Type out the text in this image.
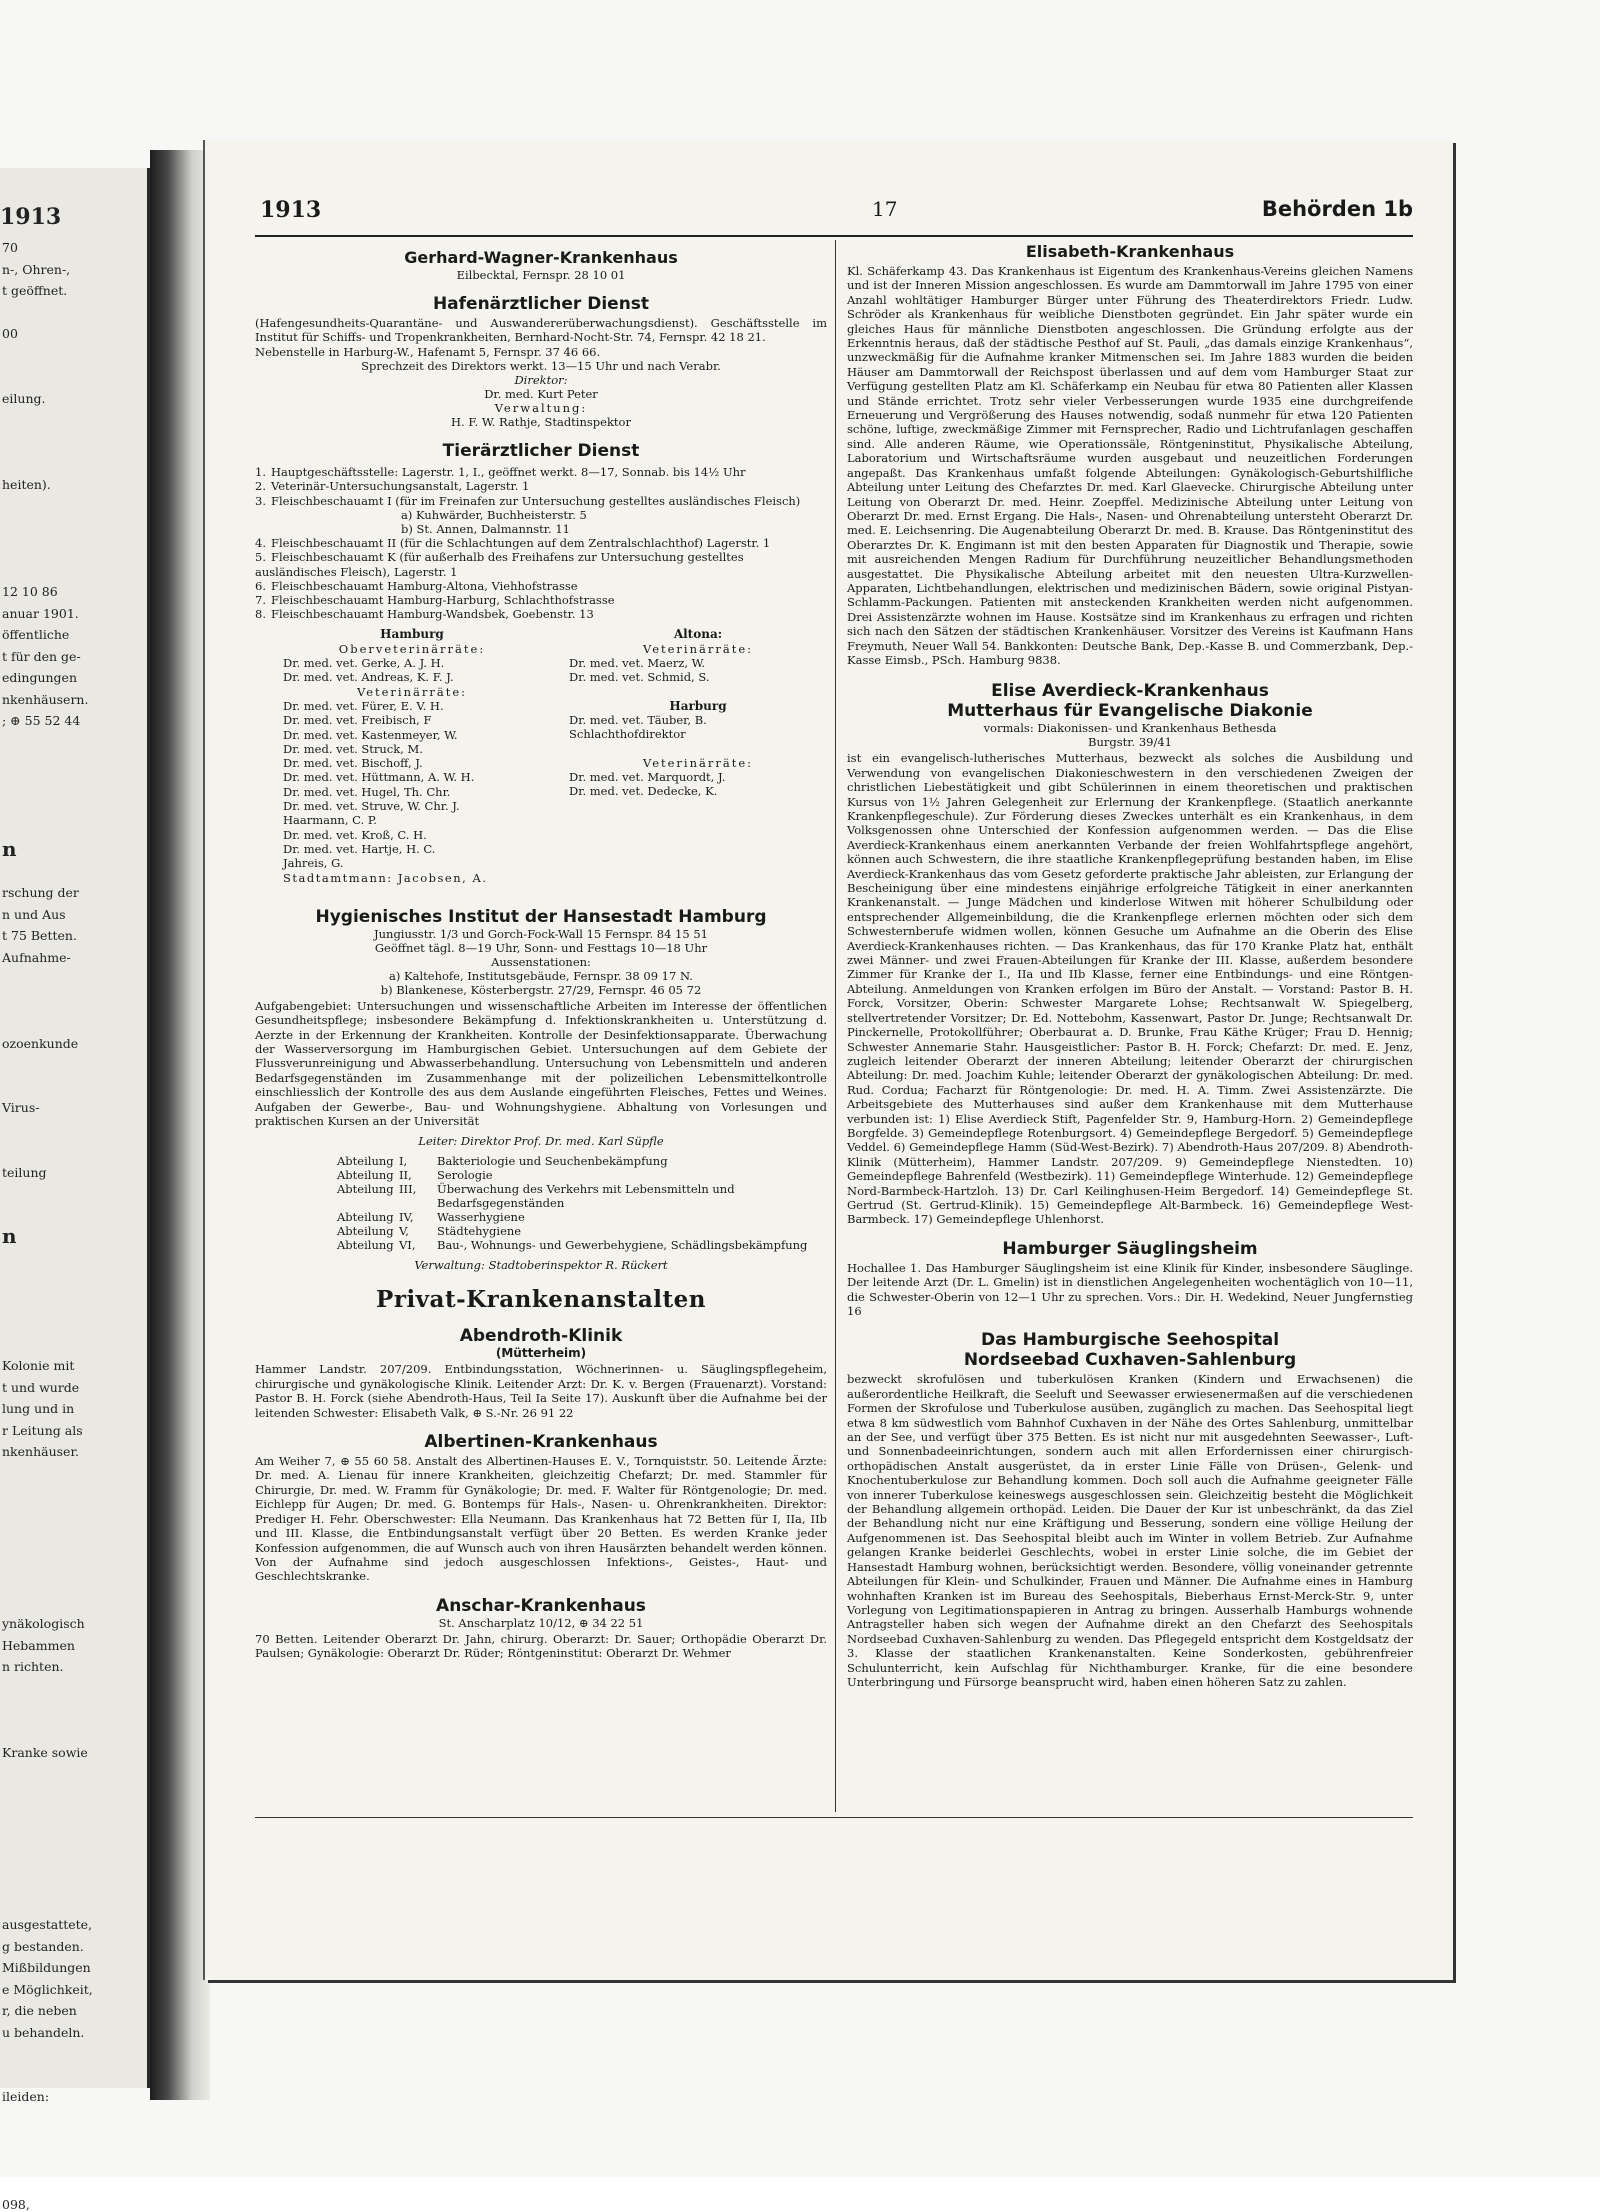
1913
70
n-, Ohren-,
t geöffnet.
00
eilung.
heiten).
12 10 86
anuar 1901.
öffentliche
t für den ge-
edingungen
nkenhäusern.
; ⊕ 55 52 44
n
rschung der
n und Aus
t 75 Betten.
Aufnahme-
ozoenkunde
Virus-
teilung
n
Kolonie mit
t und wurde
lung und in
r Leitung als
nkenhäuser.
ynäkologisch
Hebammen
n richten.
Kranke sowie
ausgestattete,
g bestanden.
Mißbildungen
e Möglichkeit,
r, die neben
u behandeln.
ileiden:
098,
1913	17	Behörden 1b
Gerhard-Wagner-Krankenhaus
Eilbecktal, Fernspr. 28 10 01
Hafenärztlicher Dienst

(Hafengesundheits-Quarantäne- und Auswandererüberwachungsdienst). Geschäftsstelle im Institut für Schiffs- und Tropenkrankheiten, Bernhard-Nocht-Str. 74, Fernspr. 42 18 21.

Nebenstelle in Harburg-W., Hafenamt 5, Fernspr. 37 46 66.

Sprechzeit des Direktors werkt. 13—15 Uhr und nach Verabr.
Direktor:
Dr. med. Kurt Peter
Verwaltung:
H. F. W. Rathje, Stadtinspektor
Tierärztlicher Dienst
1. Hauptgeschäftsstelle: Lagerstr. 1, I., geöffnet werkt. 8—17, Sonnab. bis 14½ Uhr
2. Veterinär-Untersuchungsanstalt, Lagerstr. 1
3. Fleischbeschauamt I (für im Freinafen zur Untersuchung gestelltes ausländisches Fleisch)
a) Kuhwärder, Buchheisterstr. 5
b) St. Annen, Dalmannstr. 11
4. Fleischbeschauamt II (für die Schlachtungen auf dem Zentralschlachthof) Lagerstr. 1
5. Fleischbeschauamt K (für außerhalb des Freihafens zur Untersuchung gestelltes ausländisches Fleisch), Lagerstr. 1
6. Fleischbeschauamt Hamburg-Altona, Viehhofstrasse
7. Fleischbeschauamt Hamburg-Harburg, Schlachthofstrasse
8. Fleischbeschauamt Hamburg-Wandsbek, Goebenstr. 13
Hamburg
Oberveterinärräte:
Dr. med. vet. Gerke, A. J. H.
Dr. med. vet. Andreas, K. F. J.
Veterinärräte:
Dr. med. vet. Fürer, E. V. H.
Dr. med. vet. Freibisch, F
Dr. med. vet. Kastenmeyer, W.
Dr. med. vet. Struck, M.
Dr. med. vet. Bischoff, J.
Dr. med. vet. Hüttmann, A. W. H.
Dr. med. vet. Hugel, Th. Chr.
Dr. med. vet. Struve, W. Chr. J.
Haarmann, C. P.
Dr. med. vet. Kroß, C. H.
Dr. med. vet. Hartje, H. C.
Jahreis, G.
Stadtamtmann: Jacobsen, A.
Altona:
Veterinärräte:
Dr. med. vet. Maerz, W.
Dr. med. vet. Schmid, S.
Harburg
Dr. med. vet. Täuber, B.
Schlachthofdirektor
Veterinärräte:
Dr. med. vet. Marquordt, J.
Dr. med. vet. Dedecke, K.
Hygienisches Institut der Hansestadt Hamburg
Jungiusstr. 1/3 und Gorch-Fock-Wall 15 Fernspr. 84 15 51
Geöffnet tägl. 8—19 Uhr, Sonn- und Festtags 10—18 Uhr
Aussenstationen:
a) Kaltehofe, Institutsgebäude, Fernspr. 38 09 17 N.
b) Blankenese, Kösterbergstr. 27/29, Fernspr. 46 05 72

Aufgabengebiet: Untersuchungen und wissenschaftliche Arbeiten im Interesse der öffentlichen Gesundheitspflege; insbesondere Bekämpfung d. Infektionskrankheiten u. Unterstützung d. Aerzte in der Erkennung der Krankheiten. Kontrolle der Desinfektionsapparate. Überwachung der Wasserversorgung im Hamburgischen Gebiet. Untersuchungen auf dem Gebiete der Flussverunreinigung und Abwasserbehandlung. Untersuchung von Lebensmitteln und anderen Bedarfsgegenständen im Zusammenhange mit der polizeilichen Lebensmittelkontrolle einschliesslich der Kontrolle des aus dem Auslande eingeführten Fleisches, Fettes und Weines. Aufgaben der Gewerbe-, Bau- und Wohnungshygiene. Abhaltung von Vorlesungen und praktischen Kursen an der Universität

Leiter: Direktor Prof. Dr. med. Karl Süpfle
Abteilung I,	Bakteriologie und Seuchenbekämpfung
Abteilung II,	Serologie
Abteilung III,	Überwachung des Verkehrs mit Lebensmitteln und Bedarfsgegenständen
Abteilung IV,	Wasserhygiene
Abteilung V,	Städtehygiene
Abteilung VI,	Bau-, Wohnungs- und Gewerbehygiene, Schädlingsbekämpfung
Verwaltung: Stadtoberinspektor R. Rückert
Privat-Krankenanstalten
Abendroth-Klinik
(Mütterheim)

Hammer Landstr. 207/209. Entbindungsstation, Wöchnerinnen- u. Säuglingspflegeheim, chirurgische und gynäkologische Klinik. Leitender Arzt: Dr. K. v. Bergen (Frauenarzt). Vorstand: Pastor B. H. Forck (siehe Abendroth-Haus, Teil Ia Seite 17). Auskunft über die Aufnahme bei der leitenden Schwester: Elisabeth Valk, ⊕ S.-Nr. 26 91 22

Albertinen-Krankenhaus

Am Weiher 7, ⊕ 55 60 58. Anstalt des Albertinen-Hauses E. V., Tornquiststr. 50. Leitende Ärzte: Dr. med. A. Lienau für innere Krankheiten, gleichzeitig Chefarzt; Dr. med. Stammler für Chirurgie, Dr. med. W. Framm für Gynäkologie; Dr. med. F. Walter für Röntgenologie; Dr. med. Eichlepp für Augen; Dr. med. G. Bontemps für Hals-, Nasen- u. Ohrenkrankheiten. Direktor: Prediger H. Fehr. Oberschwester: Ella Neumann. Das Krankenhaus hat 72 Betten für I, IIa, IIb und III. Klasse, die Entbindungsanstalt verfügt über 20 Betten. Es werden Kranke jeder Konfession aufgenommen, die auf Wunsch auch von ihren Hausärzten behandelt werden können. Von der Aufnahme sind jedoch ausgeschlossen Infektions-, Geistes-, Haut- und Geschlechtskranke.

Anschar-Krankenhaus
St. Anscharplatz 10/12, ⊕ 34 22 51

70 Betten. Leitender Oberarzt Dr. Jahn, chirurg. Oberarzt: Dr. Sauer; Orthopädie Oberarzt Dr. Paulsen; Gynäkologie: Oberarzt Dr. Rüder; Röntgeninstitut: Oberarzt Dr. Wehmer

Elisabeth-Krankenhaus

Kl. Schäferkamp 43. Das Krankenhaus ist Eigentum des Krankenhaus-Vereins gleichen Namens und ist der Inneren Mission angeschlossen. Es wurde am Dammtorwall im Jahre 1795 von einer Anzahl wohltätiger Hamburger Bürger unter Führung des Theaterdirektors Friedr. Ludw. Schröder als Krankenhaus für weibliche Dienstboten gegründet. Ein Jahr später wurde ein gleiches Haus für männliche Dienstboten angeschlossen. Die Gründung erfolgte aus der Erkenntnis heraus, daß der städtische Pesthof auf St. Pauli, „das damals einzige Krankenhaus“, unzweckmäßig für die Aufnahme kranker Mitmenschen sei. Im Jahre 1883 wurden die beiden Häuser am Dammtorwall der Reichspost überlassen und auf dem vom Hamburger Staat zur Verfügung gestellten Platz am Kl. Schäferkamp ein Neubau für etwa 80 Patienten aller Klassen und Stände errichtet. Trotz sehr vieler Verbesserungen wurde 1935 eine durchgreifende Erneuerung und Vergrößerung des Hauses notwendig, sodaß nunmehr für etwa 120 Patienten schöne, luftige, zweckmäßige Zimmer mit Fernsprecher, Radio und Lichtrufanlagen geschaffen sind. Alle anderen Räume, wie Operationssäle, Röntgeninstitut, Physikalische Abteilung, Laboratorium und Wirtschaftsräume wurden ausgebaut und neuzeitlichen Forderungen angepaßt. Das Krankenhaus umfaßt folgende Abteilungen: Gynäkologisch-Geburtshilfliche Abteilung unter Leitung des Chefarztes Dr. med. Karl Glaevecke. Chirurgische Abteilung unter Leitung von Oberarzt Dr. med. Heinr. Zoepffel. Medizinische Abteilung unter Leitung von Oberarzt Dr. med. Ernst Ergang. Die Hals-, Nasen- und Ohrenabteilung untersteht Oberarzt Dr. med. E. Leichsenring. Die Augenabteilung Oberarzt Dr. med. B. Krause. Das Röntgeninstitut des Oberarztes Dr. K. Engimann ist mit den besten Apparaten für Diagnostik und Therapie, sowie mit ausreichenden Mengen Radium für Durchführung neuzeitlicher Behandlungsmethoden ausgestattet. Die Physikalische Abteilung arbeitet mit den neuesten Ultra-Kurzwellen-Apparaten, Lichtbehandlungen, elektrischen und medizinischen Bädern, sowie original Pistyan-Schlamm-Packungen. Patienten mit ansteckenden Krankheiten werden nicht aufgenommen. Drei Assistenzärzte wohnen im Hause. Kostsätze sind im Krankenhaus zu erfragen und richten sich nach den Sätzen der städtischen Krankenhäuser. Vorsitzer des Vereins ist Kaufmann Hans Freymuth, Neuer Wall 54. Bankkonten: Deutsche Bank, Dep.-Kasse B. und Commerzbank, Dep.-Kasse Eimsb., PSch. Hamburg 9838.

Elise Averdieck-Krankenhaus
Mutterhaus für Evangelische Diakonie
vormals: Diakonissen- und Krankenhaus Bethesda
Burgstr. 39/41

ist ein evangelisch-lutherisches Mutterhaus, bezweckt als solches die Ausbildung und Verwendung von evangelischen Diakonieschwestern in den verschiedenen Zweigen der christlichen Liebestätigkeit und gibt Schülerinnen in einem theoretischen und praktischen Kursus von 1½ Jahren Gelegenheit zur Erlernung der Krankenpflege. (Staatlich anerkannte Krankenpflegeschule). Zur Förderung dieses Zweckes unterhält es ein Krankenhaus, in dem Volksgenossen ohne Unterschied der Konfession aufgenommen werden. — Das die Elise Averdieck-Krankenhaus einem anerkannten Verbande der freien Wohlfahrtspflege angehört, können auch Schwestern, die ihre staatliche Krankenpflegeprüfung bestanden haben, im Elise Averdieck-Krankenhaus das vom Gesetz geforderte praktische Jahr ableisten, zur Erlangung der Bescheinigung über eine mindestens einjährige erfolgreiche Tätigkeit in einer anerkannten Krankenanstalt. — Junge Mädchen und kinderlose Witwen mit höherer Schulbildung oder entsprechender Allgemeinbildung, die die Krankenpflege erlernen möchten oder sich dem Schwesternberufe widmen wollen, können Gesuche um Aufnahme an die Oberin des Elise Averdieck-Krankenhauses richten. — Das Krankenhaus, das für 170 Kranke Platz hat, enthält zwei Männer- und zwei Frauen-Abteilungen für Kranke der III. Klasse, außerdem besondere Zimmer für Kranke der I., IIa und IIb Klasse, ferner eine Entbindungs- und eine Röntgen-Abteilung. Anmeldungen von Kranken erfolgen im Büro der Anstalt. — Vorstand: Pastor B. H. Forck, Vorsitzer, Oberin: Schwester Margarete Lohse; Rechtsanwalt W. Spiegelberg, stellvertretender Vorsitzer; Dr. Ed. Nottebohm, Kassenwart, Pastor Dr. Junge; Rechtsanwalt Dr. Pinckernelle, Protokollführer; Oberbaurat a. D. Brunke, Frau Käthe Krüger; Frau D. Hennig; Schwester Annemarie Stahr. Hausgeistlicher: Pastor B. H. Forck; Chefarzt: Dr. med. E. Jenz, zugleich leitender Oberarzt der inneren Abteilung; leitender Oberarzt der chirurgischen Abteilung: Dr. med. Joachim Kuhle; leitender Oberarzt der gynäkologischen Abteilung: Dr. med. Rud. Cordua; Facharzt für Röntgenologie: Dr. med. H. A. Timm. Zwei Assistenzärzte. Die Arbeitsgebiete des Mutterhauses sind außer dem Krankenhause mit dem Mutterhause verbunden ist: 1) Elise Averdieck Stift, Pagenfelder Str. 9, Hamburg-Horn. 2) Gemeindepflege Borgfelde. 3) Gemeindepflege Rotenburgsort. 4) Gemeindepflege Bergedorf. 5) Gemeindepflege Veddel. 6) Gemeindepflege Hamm (Süd-West-Bezirk). 7) Abendroth-Haus 207/209. 8) Abendroth-Klinik (Mütterheim), Hammer Landstr. 207/209. 9) Gemeindepflege Nienstedten. 10) Gemeindepflege Bahrenfeld (Westbezirk). 11) Gemeindepflege Winterhude. 12) Gemeindepflege Nord-Barmbeck-Hartzloh. 13) Dr. Carl Keilinghusen-Heim Bergedorf. 14) Gemeindepflege St. Gertrud (St. Gertrud-Klinik). 15) Gemeindepflege Alt-Barmbeck. 16) Gemeindepflege West-Barmbeck. 17) Gemeindepflege Uhlenhorst.

Hamburger Säuglingsheim

Hochallee 1. Das Hamburger Säuglingsheim ist eine Klinik für Kinder, insbesondere Säuglinge. Der leitende Arzt (Dr. L. Gmelin) ist in dienstlichen Angelegenheiten wochentäglich von 10—11, die Schwester-Oberin von 12—1 Uhr zu sprechen. Vors.: Dir. H. Wedekind, Neuer Jungfernstieg 16

Das Hamburgische Seehospital
Nordseebad Cuxhaven-Sahlenburg

bezweckt skrofulösen und tuberkulösen Kranken (Kindern und Erwachsenen) die außerordentliche Heilkraft, die Seeluft und Seewasser erwiesenermaßen auf die verschiedenen Formen der Skrofulose und Tuberkulose ausüben, zugänglich zu machen. Das Seehospital liegt etwa 8 km südwestlich vom Bahnhof Cuxhaven in der Nähe des Ortes Sahlenburg, unmittelbar an der See, und verfügt über 375 Betten. Es ist nicht nur mit ausgedehnten Seewasser-, Luft- und Sonnenbadeeinrichtungen, sondern auch mit allen Erfordernissen einer chirurgisch-orthopädischen Anstalt ausgerüstet, da in erster Linie Fälle von Drüsen-, Gelenk- und Knochentuberkulose zur Behandlung kommen. Doch soll auch die Aufnahme geeigneter Fälle von innerer Tuberkulose keineswegs ausgeschlossen sein. Gleichzeitig besteht die Möglichkeit der Behandlung allgemein orthopäd. Leiden. Die Dauer der Kur ist unbeschränkt, da das Ziel der Behandlung nicht nur eine Kräftigung und Besserung, sondern eine völlige Heilung der Aufgenommenen ist. Das Seehospital bleibt auch im Winter in vollem Betrieb. Zur Aufnahme gelangen Kranke beiderlei Geschlechts, wobei in erster Linie solche, die im Gebiet der Hansestadt Hamburg wohnen, berücksichtigt werden. Besondere, völlig voneinander getrennte Abteilungen für Klein- und Schulkinder, Frauen und Männer. Die Aufnahme eines in Hamburg wohnhaften Kranken ist im Bureau des Seehospitals, Bieberhaus Ernst-Merck-Str. 9, unter Vorlegung von Legitimationspapieren in Antrag zu bringen. Ausserhalb Hamburgs wohnende Antragsteller haben sich wegen der Aufnahme direkt an den Chefarzt des Seehospitals Nordseebad Cuxhaven-Sahlenburg zu wenden. Das Pflegegeld entspricht dem Kostgeldsatz der 3. Klasse der staatlichen Krankenanstalten. Keine Sonderkosten, gebührenfreier Schulunterricht, kein Aufschlag für Nichthamburger. Kranke, für die eine besondere Unterbringung und Fürsorge beansprucht wird, haben einen höheren Satz zu zahlen.
